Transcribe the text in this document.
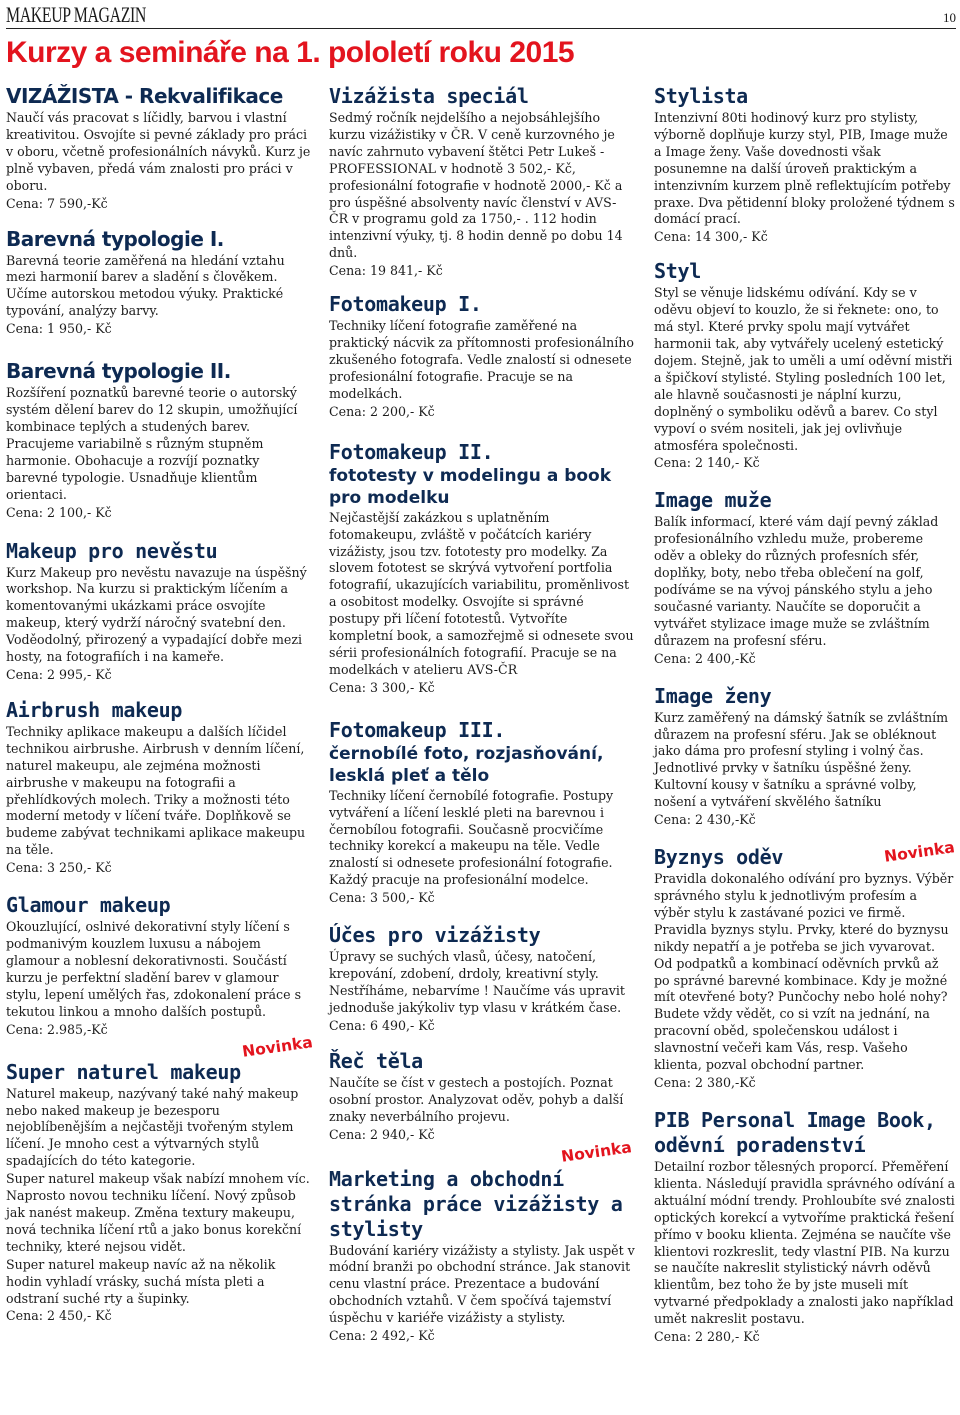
MAKEUP MAGAZIN	10
Kurzy a semináře na 1. pololetí roku 2015
VIZÁŽISTA - Rekvalifikace

Naučí vás pracovat s líčidly, barvou i vlastní kreativitou. Osvojíte si pevné základy pro práci v oboru, včetně profesionálních návyků. Kurz je plně vybaven, předá vám znalosti pro práci v oboru.

Cena: 7 590,-Kč
Barevná typologie I.

Barevná teorie zaměřená na hledání vztahu mezi harmonií barev a sladění s člověkem. Učíme autorskou metodou výuky. Praktické typování, analýzy barvy.

Cena: 1 950,- Kč
Barevná typologie II.

Rozšíření poznatků barevné teorie o autorský systém dělení barev do 12 skupin, umožňující kombinace teplých a studených barev. Pracujeme variabilně s různým stupněm harmonie. Obohacuje a rozvíjí poznatky barevné typologie. Usnadňuje klientům orientaci.

Cena: 2 100,- Kč
Makeup pro nevěstu

Kurz Makeup pro nevěstu navazuje na úspěšný workshop. Na kurzu si praktickým líčením a komentovanými ukázkami práce osvojíte makeup, který vydrží náročný svatební den. Voděodolný, přirozený a vypadající dobře mezi hosty, na fotografiích i na kameře.

Cena: 2 995,- Kč
Airbrush makeup

Techniky aplikace makeupu a dalších líčidel technikou airbrushe. Airbrush v denním líčení, naturel makeupu, ale zejména možnosti airbrushe v makeupu na fotografii a přehlídkových molech. Triky a možnosti této moderní metody v líčení tváře. Doplňkově se budeme zabývat technikami aplikace makeupu na těle.

Cena: 3 250,- Kč
Glamour makeup

Okouzlující, oslnivé dekorativní styly líčení s podmanivým kouzlem luxusu a nábojem glamour a noblesní dekorativnosti. Součástí kurzu je perfektní sladění barev v glamour stylu, lepení umělých řas, zdokonalení práce s tekutou linkou a mnoho dalších postupů.

Cena: 2.985,-Kč
Novinka
Super naturel makeup

Naturel makeup, nazývaný také nahý makeup nebo naked makeup je bezesporu nejoblíbenějším a nejčastěji tvořeným stylem líčení. Je mnoho cest a výtvarných stylů spadajících do této kategorie.

Super naturel makeup však nabízí mnohem víc. Naprosto novou techniku líčení. Nový způsob jak nanést makeup. Změna textury makeupu, nová technika líčení rtů a jako bonus korekční techniky, které nejsou vidět.

Super naturel makeup navíc až na několik hodin vyhladí vrásky, suchá místa pleti a odstraní suché rty a šupinky.

Cena: 2 450,- Kč
Vizážista speciál

Sedmý ročník nejdelšího a nejobsáhlejšího kurzu vizážistiky v ČR. V ceně kurzovného je navíc zahrnuto vybavení štětci Petr Lukeš - PROFESSIONAL v hodnotě 3 502,- Kč, profesionální fotografie v hodnotě 2000,- Kč a pro úspěšné absolventy navíc členství v AVS-ČR v programu gold za 1750,- . 112 hodin intenzivní výuky, tj. 8 hodin denně po dobu 14 dnů.

Cena: 19 841,- Kč
Fotomakeup I.

Techniky líčení fotografie zaměřené na praktický nácvik za přítomnosti profesionálního zkušeného fotografa. Vedle znalostí si odnesete profesionální fotografie. Pracuje se na modelkách.

Cena: 2 200,- Kč
Fotomakeup II.
fototesty v modelingu a book pro modelku

Nejčastější zakázkou s uplatněním fotomakeupu, zvláště v počátcích kariéry vizážisty, jsou tzv. fototesty pro modelky. Za slovem fototest se skrývá vytvoření portfolia fotografií, ukazujících variabilitu, proměnlivost a osobitost modelky. Osvojíte si správné postupy při líčení fototestů. Vytvoříte kompletní book, a samozřejmě si odnesete svou sérii profesionálních fotografií. Pracuje se na modelkách v atelieru AVS-ČR

Cena: 3 300,- Kč
Fotomakeup III.
černobílé foto, rozjasňování, lesklá pleť a tělo

Techniky líčení černobílé fotografie. Postupy vytváření a líčení lesklé pleti na barevnou i černobílou fotografii. Současně procvičíme techniky korekcí a makeupu na těle. Vedle znalostí si odnesete profesionální fotografie. Každý pracuje na profesionální modelce.

Cena: 3 500,- Kč
Účes pro vizážisty

Úpravy se suchých vlasů, účesy, natočení, krepování, zdobení, drdoly, kreativní styly. Nestříháme, nebarvíme ! Naučíme vás upravit jednoduše jakýkoliv typ vlasu v krátkém čase.

Cena: 6 490,- Kč
Řeč těla

Naučíte se číst v gestech a postojích. Poznat osobní prostor. Analyzovat oděv, pohyb a další znaky neverbálního projevu.

Cena: 2 940,- Kč
Novinka
Marketing a obchodní stránka práce vizážisty a stylisty

Budování kariéry vizážisty a stylisty. Jak uspět v módní branži po obchodní stránce. Jak stanovit cenu vlastní práce. Prezentace a budování obchodních vztahů. V čem spočívá tajemství úspěchu v kariéře vizážisty a stylisty.

Cena: 2 492,- Kč
Stylista

Intenzivní 80ti hodinový kurz pro stylisty, výborně doplňuje kurzy styl, PIB, Image muže a Image ženy. Vaše dovednosti však posunemne na další úroveň praktickým a intenzivním kurzem plně reflektujícím potřeby praxe. Dva pětidenní bloky proložené týdnem s domácí prací.

Cena: 14 300,- Kč
Styl

Styl se věnuje lidskému odívání. Kdy se v oděvu objeví to kouzlo, že si řeknete: ono, to má styl. Které prvky spolu mají vytvářet harmonii tak, aby vytvářely ucelený estetický dojem. Stejně, jak to uměli a umí oděvní mistři a špičkoví stylisté. Styling posledních 100 let, ale hlavně současnosti je náplní kurzu, doplněný o symboliku oděvů a barev. Co styl vypoví o svém nositeli, jak jej ovlivňuje atmosféra společnosti.

Cena: 2 140,- Kč
Image muže

Balík informací, které vám dají pevný základ profesionálního vzhledu muže, probereme oděv a obleky do různých profesních sfér, doplňky, boty, nebo třeba oblečení na golf, podíváme se na vývoj pánského stylu a jeho současné varianty. Naučíte se doporučit a vytvářet stylizace image muže se zvláštním důrazem na profesní sféru.

Cena: 2 400,-Kč
Image ženy

Kurz zaměřený na dámský šatník se zvláštním důrazem na profesní sféru. Jak se obléknout jako dáma pro profesní styling i volný čas. Jednotlivé prvky v šatníku úspěšné ženy. Kultovní kousy v šatníku a správné volby, nošení a vytváření skvělého šatníku

Cena: 2 430,-Kč
Novinka
Byznys oděv

Pravidla dokonalého odívání pro byznys. Výběr správného stylu k jednotlivým profesím a výběr stylu k zastávané pozici ve firmě. Pravidla byznys stylu. Prvky, které do byznysu nikdy nepatří a je potřeba se jich vyvarovat. Od podpatků a kombinací oděvních prvků až po správné barevné kombinace. Kdy je možné mít otevřené boty? Punčochy nebo holé nohy? Budete vždy vědět, co si vzít na jednání, na pracovní oběd, společenskou událost i slavnostní večeři kam Vás, resp. Vašeho klienta, pozval obchodní partner.

Cena: 2 380,-Kč
PIB Personal Image Book, oděvní poradenství

Detailní rozbor tělesných proporcí. Přeměření klienta. Následují pravidla správného odívání a aktuální módní trendy. Prohloubíte své znalosti optických korekcí a vytvoříme praktická řešení přímo v booku klienta. Zejména se naučíte vše klientovi rozkreslit, tedy vlastní PIB. Na kurzu se naučíte nakreslit stylistický návrh oděvů klientům, bez toho že by jste museli mít vytvarné předpoklady a znalosti jako například umět nakreslit postavu.

Cena: 2 280,- Kč
